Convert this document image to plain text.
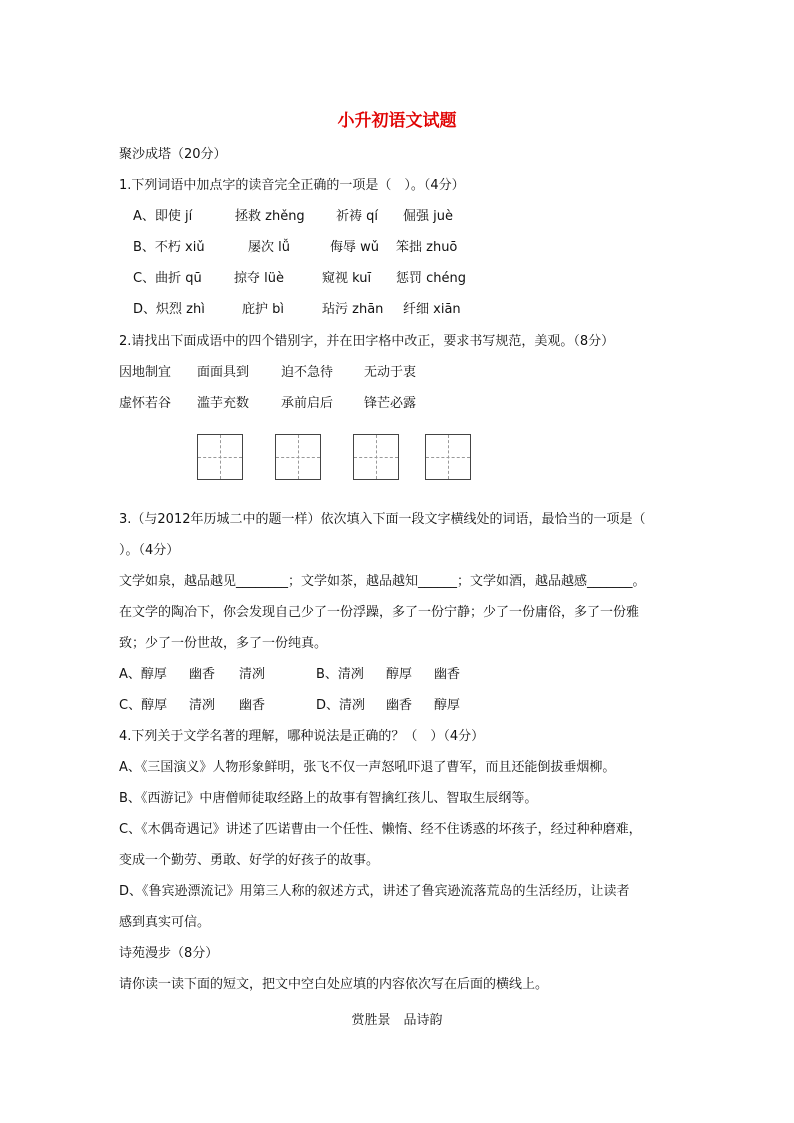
小升初语文试题
聚沙成塔（20分）
1.下列词语中加点字的读音完全正确的一项是（　）。（4分）
A、即使 jí	拯救 zhěng 祈祷 qí 倔强 juè
B、不朽 xiǔ	屡次 lǚ	侮辱 wǔ 笨拙 zhuō
C、曲折 qū 掠夺 lüè	窥视 kuī 惩罚 chéng
D、炽烈 zhì	庇护 bì	玷污 zhān 纤细 xiān
2.请找出下面成语中的四个错别字，并在田字格中改正，要求书写规范，美观。（8分）
因地制宜 面面具到 迫不急待 无动于衷
虚怀若谷 滥芋充数 承前启后 锋芒必露
3.（与2012年历城二中的题一样）依次填入下面一段文字横线处的词语，最恰当的一项是（
）。（4分）
文学如泉，越品越见________；文学如茶，越品越知______；文学如酒，越品越感_______。
在文学的陶冶下，你会发现自己少了一份浮躁，多了一份宁静；少了一份庸俗，多了一份雅
致；少了一份世故，多了一份纯真。
A、醇厚 幽香 清冽	B、清冽 醇厚 幽香
C、醇厚 清冽 幽香	D、清冽 幽香 醇厚
4.下列关于文学名著的理解，哪种说法是正确的？（　）（4分）
A、《三国演义》人物形象鲜明，张飞不仅一声怒吼吓退了曹军，而且还能倒拔垂烟柳。
B、《西游记》中唐僧师徒取经路上的故事有智擒红孩儿、智取生辰纲等。
C、《木偶奇遇记》讲述了匹诺曹由一个任性、懒惰、经不住诱惑的坏孩子，经过种种磨难，
变成一个勤劳、勇敢、好学的好孩子的故事。
D、《鲁宾逊漂流记》用第三人称的叙述方式，讲述了鲁宾逊流落荒岛的生活经历，让读者
感到真实可信。
诗苑漫步（8分）
请你读一读下面的短文，把文中空白处应填的内容依次写在后面的横线上。
赏胜景　品诗韵
